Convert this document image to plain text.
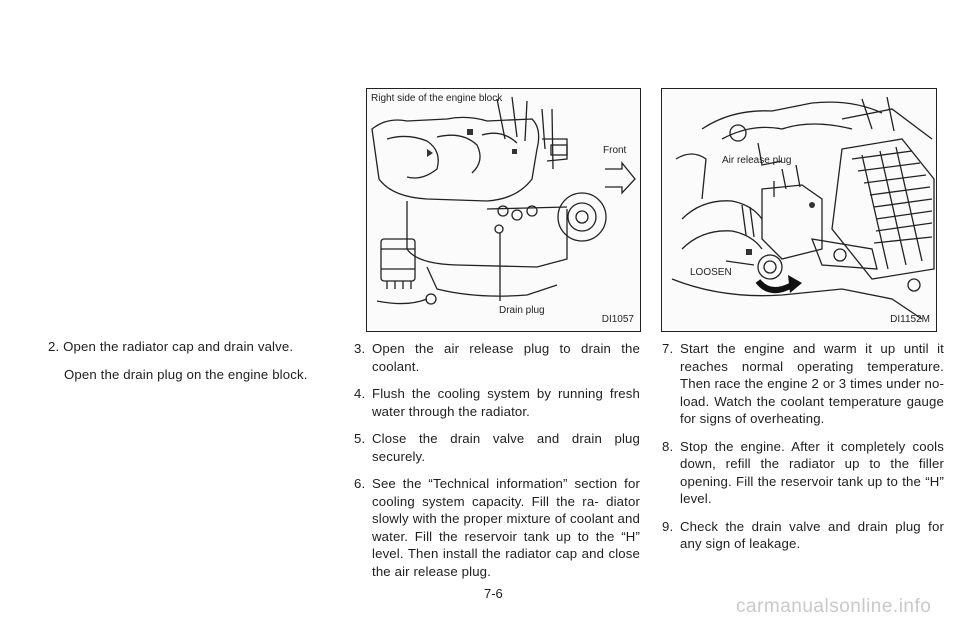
2. Open the radiator cap and drain valve.

Open the drain plug on the engine block.

Right side of the engine block
Front
Drain plug
DI1057
Air release plug
LOOSEN
DI1152M
3. Open the air release plug to drain the coolant.
4. Flush the cooling system by running fresh water through the radiator.
5. Close the drain valve and drain plug securely.
6. See the “Technical information” section for cooling system capacity. Fill the ra- diator slowly with the proper mixture of coolant and water. Fill the reservoir tank up to the “H” level. Then install the radiator cap and close the air release plug.
7. Start the engine and warm it up until it reaches normal operating temperature. Then race the engine 2 or 3 times under no-load. Watch the coolant temperature gauge for signs of overheating.
8. Stop the engine. After it completely cools down, refill the radiator up to the filler opening. Fill the reservoir tank up to the “H” level.
9. Check the drain valve and drain plug for any sign of leakage.
7-6
carmanualsonline.info
